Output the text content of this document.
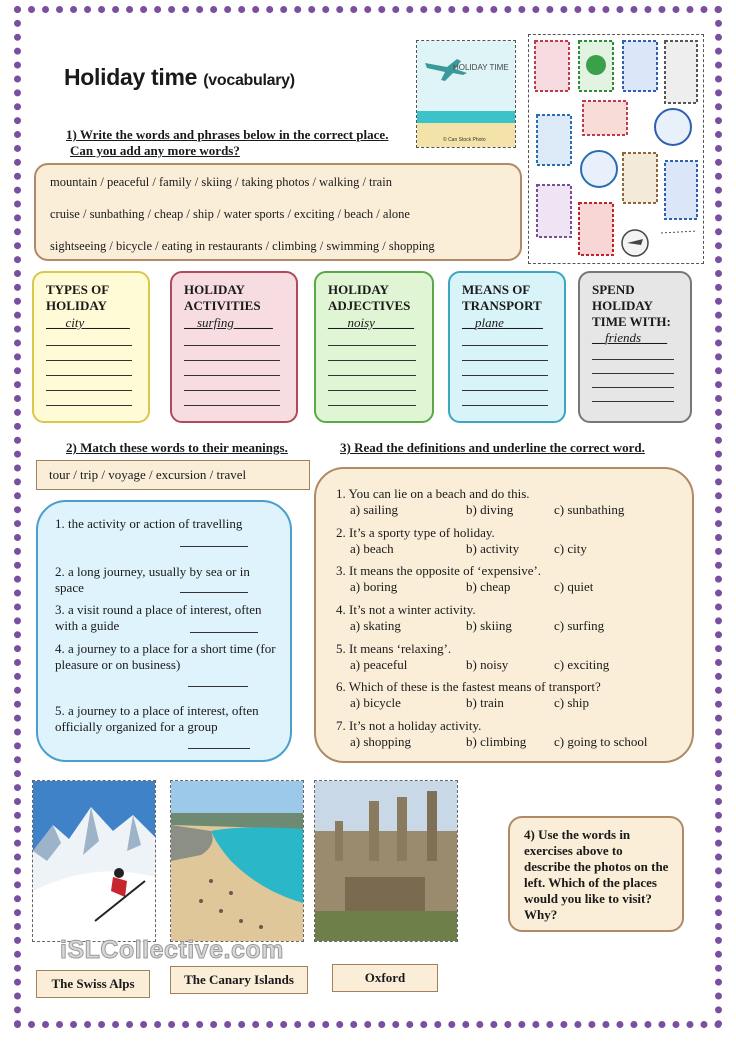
Holiday time (vocabulary)
HOLIDAY TIME
© Can Stock Photo
1) Write the words and phrases below in the correct place.
Can you add any more words?
mountain / peaceful / family / skiing / taking photos / walking / train
cruise / sunbathing / cheap / ship / water sports / exciting / beach / alone
sightseeing / bicycle / eating in restaurants / climbing / swimming / shopping
TYPES OF
HOLIDAY
___city_______
HOLIDAY
ACTIVITIES
__surfing______
HOLIDAY
ADJECTIVES
___noisy______
MEANS OF
TRANSPORT
__plane______
SPEND
HOLIDAY
TIME WITH:
__friends____
2) Match these words to their meanings.
tour / trip / voyage / excursion / travel
1. the activity or action of travelling
2. a long journey, usually by sea or in space
3. a visit round a place of interest, often with a guide
4. a journey to a place for a short time (for pleasure or on business)
5. a journey to a place of interest, often officially organized for a group
3) Read the definitions and underline the correct word.
1. You can lie on a beach and do this.
a) sailing	b) diving	c) sunbathing
2. It’s a sporty type of holiday.
a) beach	b) activity	c) city
3. It means the opposite of ‘expensive’.
a) boring	b) cheap	c) quiet
4. It’s not a winter activity.
a) skating	b) skiing	c) surfing
5. It means ‘relaxing’.
a) peaceful	b) noisy	c) exciting
6. Which of these is the fastest means of transport?
a) bicycle	b) train	c) ship
7. It’s not a holiday activity.
a) shopping	b) climbing c) going to school
The Swiss Alps	The Canary Islands	Oxford
iSLCollective.com
4) Use the words in exercises above to describe the photos on the left. Which of the places would you like to visit? Why?
